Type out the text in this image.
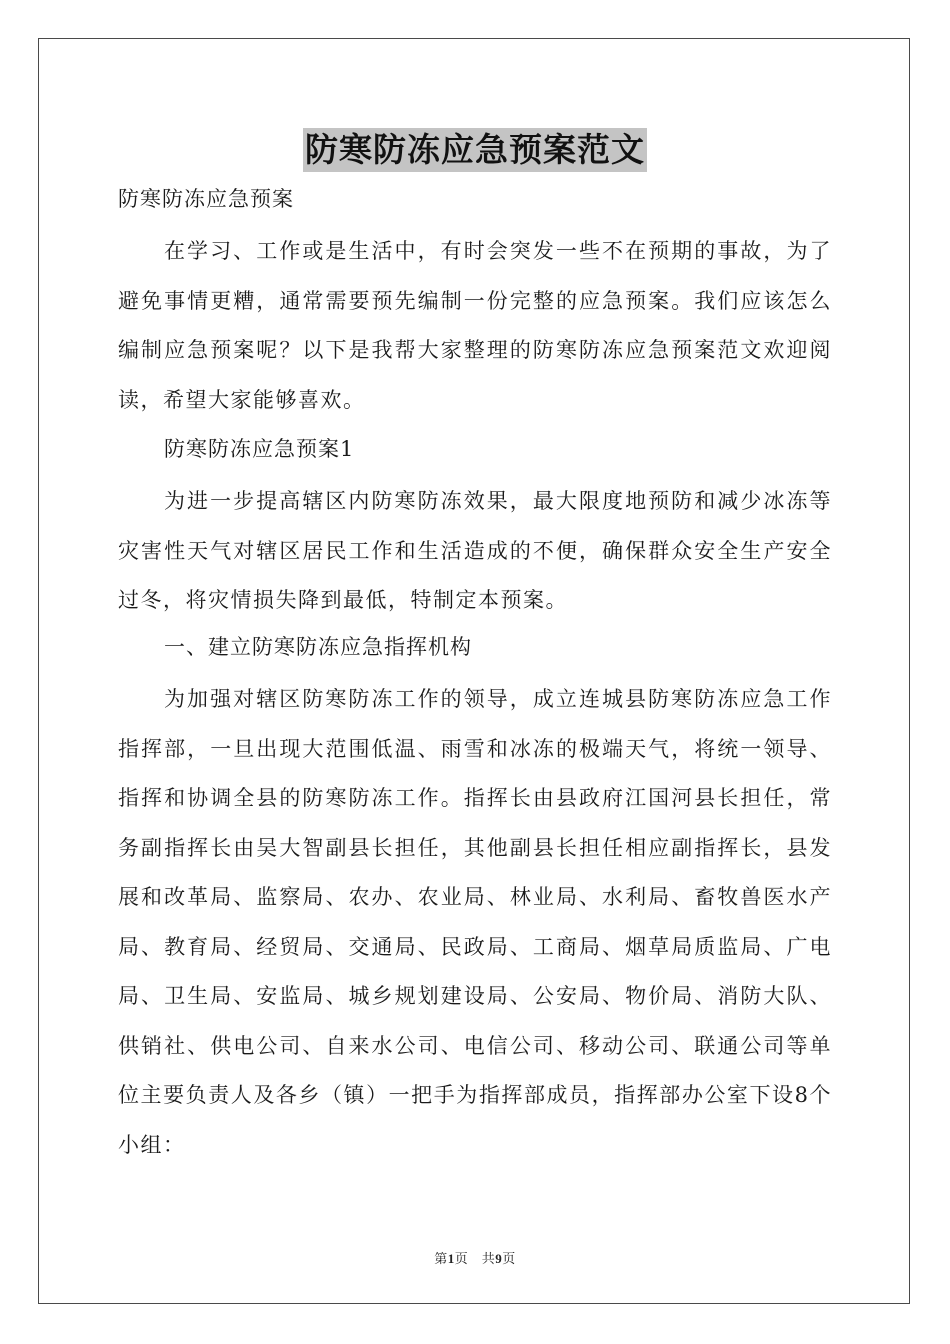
防寒防冻应急预案范文
防寒防冻应急预案

在学习、工作或是生活中，有时会突发一些不在预期的事故，为了避免事情更糟，通常需要预先编制一份完整的应急预案。我们应该怎么编制应急预案呢？以下是我帮大家整理的防寒防冻应急预案范文欢迎阅读，希望大家能够喜欢。

防寒防冻应急预案1

为进一步提高辖区内防寒防冻效果，最大限度地预防和减少冰冻等灾害性天气对辖区居民工作和生活造成的不便，确保群众安全生产安全过冬，将灾情损失降到最低，特制定本预案。

一、建立防寒防冻应急指挥机构

为加强对辖区防寒防冻工作的领导，成立连城县防寒防冻应急工作指挥部，一旦出现大范围低温、雨雪和冰冻的极端天气，将统一领导、指挥和协调全县的防寒防冻工作。指挥长由县政府江国河县长担任，常务副指挥长由吴大智副县长担任，其他副县长担任相应副指挥长，县发展和改革局、监察局、农办、农业局、林业局、水利局、畜牧兽医水产局、教育局、经贸局、交通局、民政局、工商局、烟草局质监局、广电局、卫生局、安监局、城乡规划建设局、公安局、物价局、消防大队、供销社、供电公司、自来水公司、电信公司、移动公司、联通公司等单位主要负责人及各乡（镇）一把手为指挥部成员，指挥部办公室下设8个小组：

第1页　共9页
